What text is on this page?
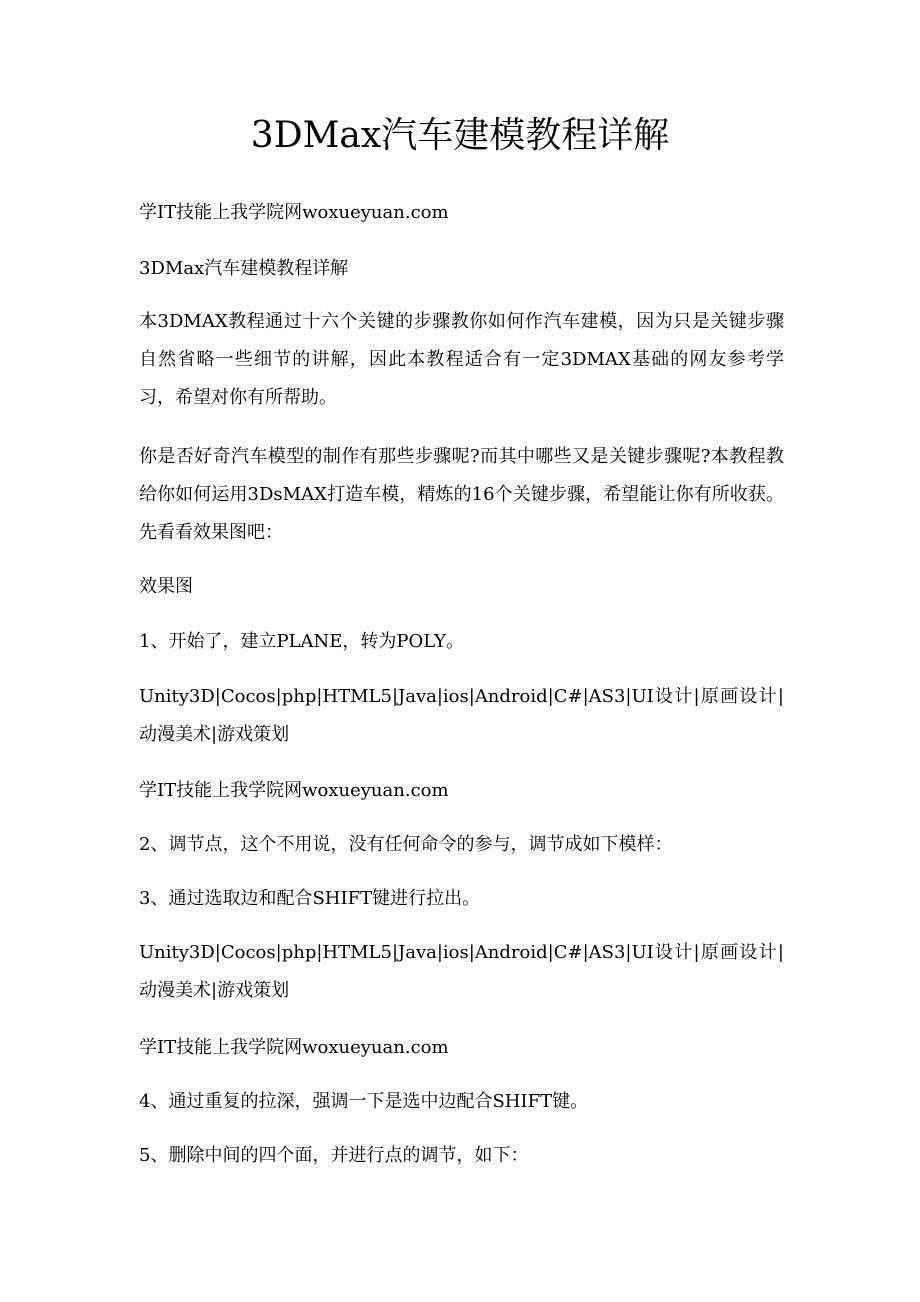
3DMax汽车建模教程详解

学IT技能上我学院网woxueyuan.com

3DMax汽车建模教程详解

本3DMAX教程通过十六个关键的步骤教你如何作汽车建模，因为只是关键步骤自然省略一些细节的讲解，因此本教程适合有一定3DMAX基础的网友参考学习，希望对你有所帮助。

你是否好奇汽车模型的制作有那些步骤呢?而其中哪些又是关键步骤呢?本教程教给你如何运用3DsMAX打造车模，精炼的16个关键步骤，希望能让你有所收获。先看看效果图吧：

效果图

1、开始了，建立PLANE，转为POLY。

Unity3D|Cocos|php|HTML5|Java|ios|Android|C#|AS3|UI设计|原画设计|动漫美术|游戏策划

学IT技能上我学院网woxueyuan.com

2、调节点，这个不用说，没有任何命令的参与，调节成如下模样：

3、通过选取边和配合SHIFT键进行拉出。

Unity3D|Cocos|php|HTML5|Java|ios|Android|C#|AS3|UI设计|原画设计|动漫美术|游戏策划

学IT技能上我学院网woxueyuan.com

4、通过重复的拉深，强调一下是选中边配合SHIFT键。

5、删除中间的四个面，并进行点的调节，如下：
